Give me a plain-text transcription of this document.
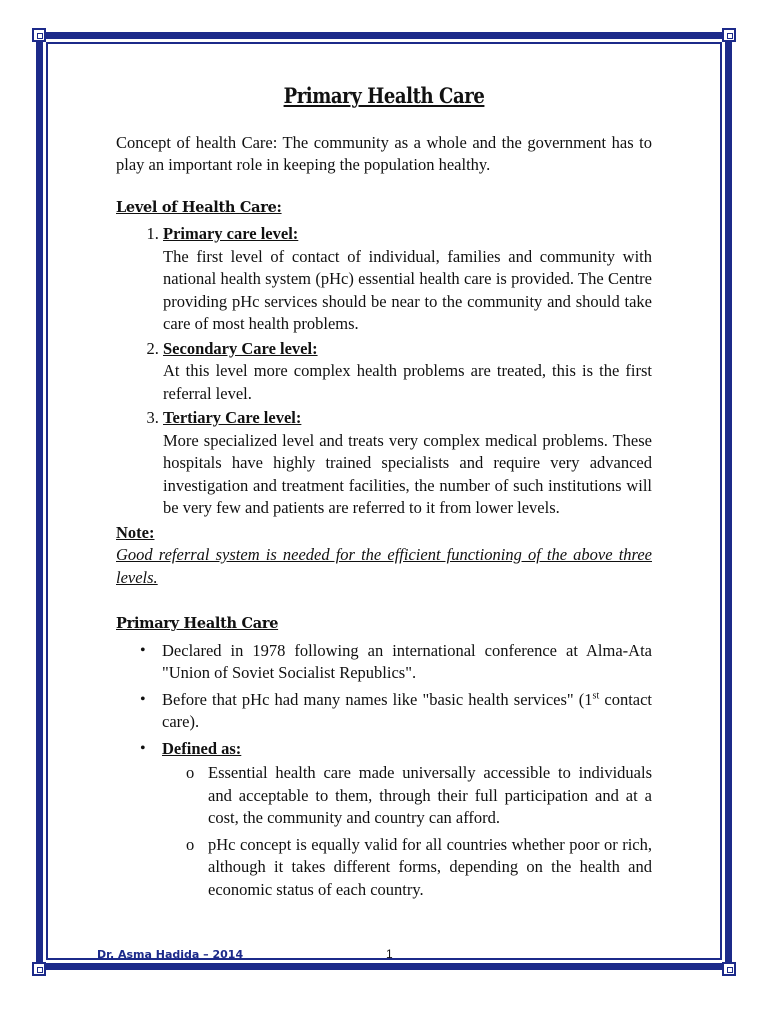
Primary Health Care

Concept of health Care: The community as a whole and the government has to play an important role in keeping the population healthy.

Level of Health Care:
1. Primary care level:

The first level of contact of individual, families and community with national health system (pHc) essential health care is provided. The Centre providing pHc services should be near to the community and should take care of most health problems.

2. Secondary Care level:

At this level more complex health problems are treated, this is the first referral level.

3. Tertiary Care level:

More specialized level and treats very complex medical problems. These hospitals have highly trained specialists and require very advanced investigation and treatment facilities, the number of such institutions will be very few and patients are referred to it from lower levels.

Note:

Good referral system is needed for the efficient functioning of the above three levels.

Primary Health Care
• Declared in 1978 following an international conference at Alma-Ata "Union of Soviet Socialist Republics".
• Before that pHc had many names like "basic health services" (1st contact care).
• Defined as:
o Essential health care made universally accessible to individuals and acceptable to them, through their full participation and at a cost, the community and country can afford.
o pHc concept is equally valid for all countries whether poor or rich, although it takes different forms, depending on the health and economic status of each country.
Dr. Asma Hadida – 2014	1
